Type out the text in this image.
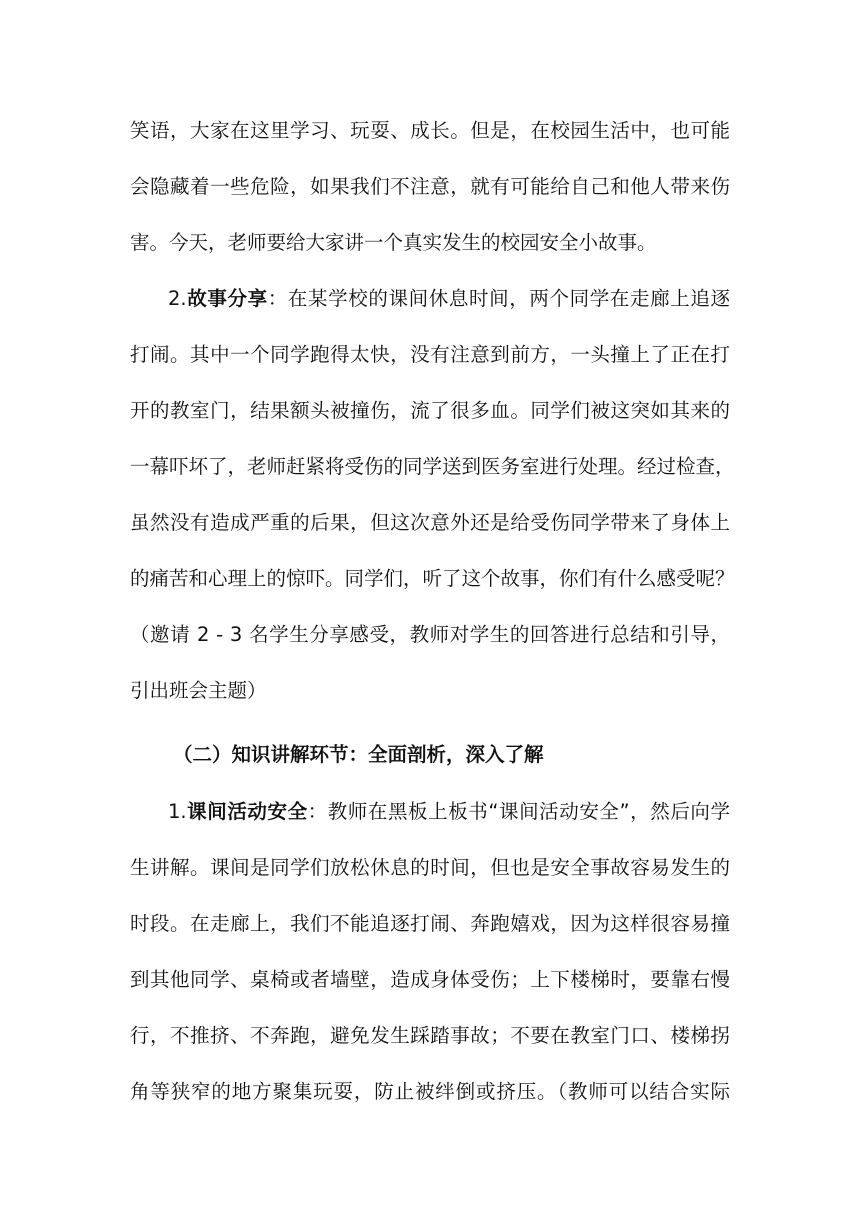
笑语，大家在这里学习、玩耍、成长。但是，在校园生活中，也可能
会隐藏着一些危险，如果我们不注意，就有可能给自己和他人带来伤
害。今天，老师要给大家讲一个真实发生的校园安全小故事。
2.故事分享：在某学校的课间休息时间，两个同学在走廊上追逐
打闹。其中一个同学跑得太快，没有注意到前方，一头撞上了正在打
开的教室门，结果额头被撞伤，流了很多血。同学们被这突如其来的
一幕吓坏了，老师赶紧将受伤的同学送到医务室进行处理。经过检查，
虽然没有造成严重的后果，但这次意外还是给受伤同学带来了身体上
的痛苦和心理上的惊吓。同学们，听了这个故事，你们有什么感受呢？
（邀请 2 - 3 名学生分享感受，教师对学生的回答进行总结和引导，
引出班会主题）
（二）知识讲解环节：全面剖析，深入了解
1.课间活动安全：教师在黑板上板书“课间活动安全”，然后向学
生讲解。课间是同学们放松休息的时间，但也是安全事故容易发生的
时段。在走廊上，我们不能追逐打闹、奔跑嬉戏，因为这样很容易撞
到其他同学、桌椅或者墙壁，造成身体受伤；上下楼梯时，要靠右慢
行，不推挤、不奔跑，避免发生踩踏事故；不要在教室门口、楼梯拐
角等狭窄的地方聚集玩耍，防止被绊倒或挤压。（教师可以结合实际
